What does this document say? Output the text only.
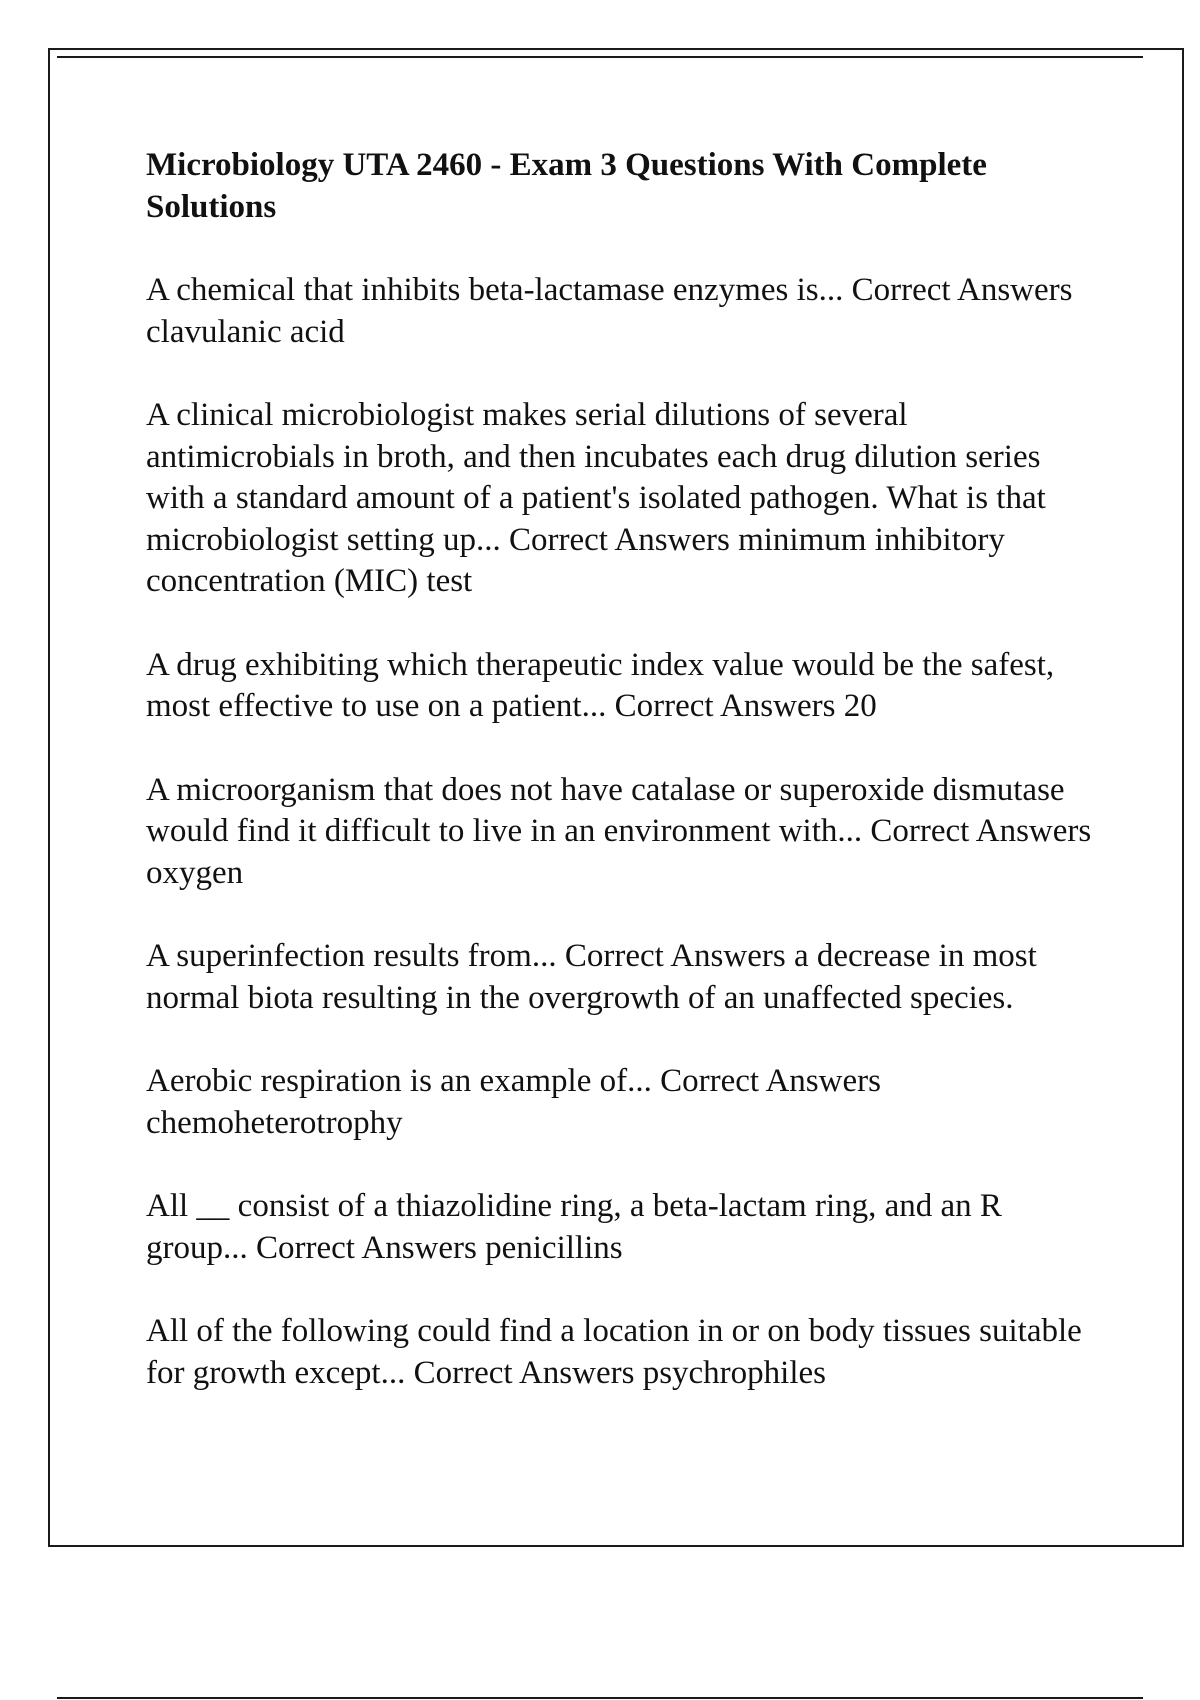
Microbiology UTA 2460 - Exam 3 Questions With Complete Solutions
A chemical that inhibits beta-lactamase enzymes is... Correct Answers clavulanic acid
A clinical microbiologist makes serial dilutions of several antimicrobials in broth, and then incubates each drug dilution series with a standard amount of a patient's isolated pathogen. What is that microbiologist setting up... Correct Answers minimum inhibitory concentration (MIC) test
A drug exhibiting which therapeutic index value would be the safest, most effective to use on a patient... Correct Answers 20
A microorganism that does not have catalase or superoxide dismutase would find it difficult to live in an environment with... Correct Answers oxygen
A superinfection results from... Correct Answers a decrease in most normal biota resulting in the overgrowth of an unaffected species.
Aerobic respiration is an example of... Correct Answers chemoheterotrophy
All __ consist of a thiazolidine ring, a beta-lactam ring, and an R group... Correct Answers penicillins
All of the following could find a location in or on body tissues suitable for growth except... Correct Answers psychrophiles
